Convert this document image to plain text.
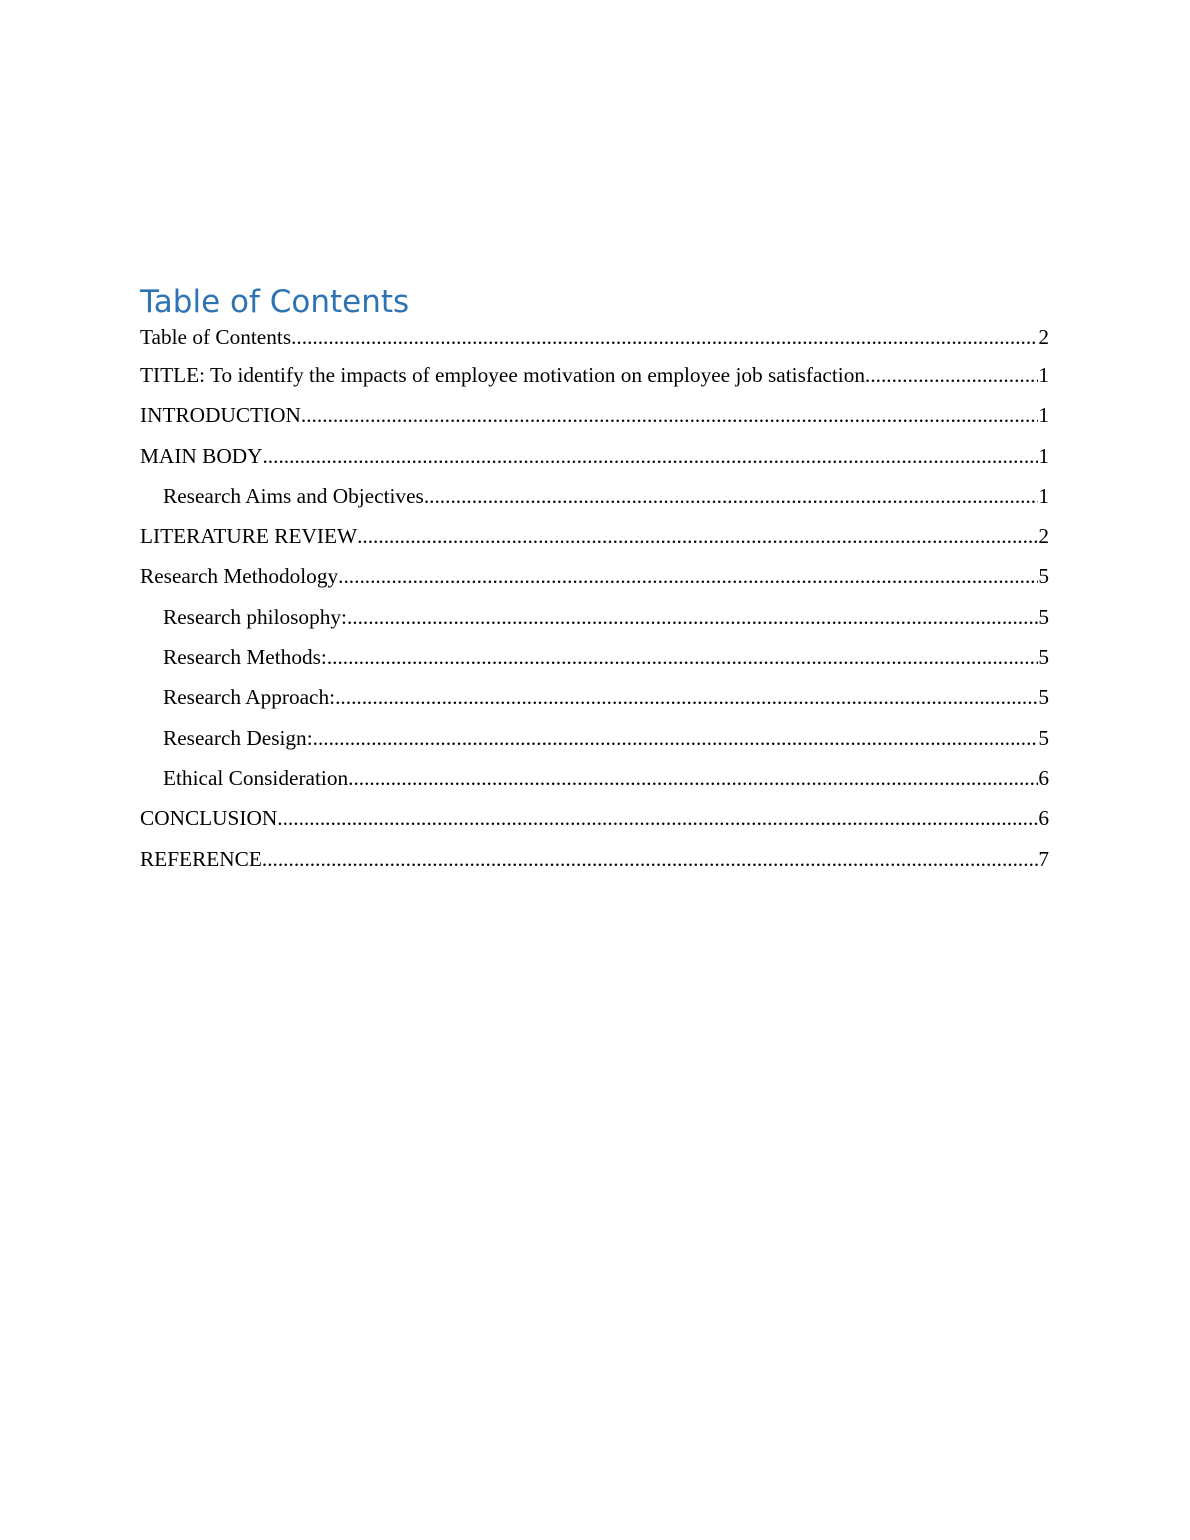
Table of Contents
Table of Contents .....	2
TITLE: To identify the impacts of employee motivation on employee job satisfaction. .....	1
INTRODUCTION .....	1
MAIN BODY .....	1
Research Aims and Objectives .....	1
LITERATURE REVIEW .....	2
Research Methodology .....	5
Research philosophy: .....	5
Research Methods: .....	5
Research Approach: .....	5
Research Design: .....	5
Ethical Consideration .....	6
CONCLUSION .....	6
REFERENCE .....	7
